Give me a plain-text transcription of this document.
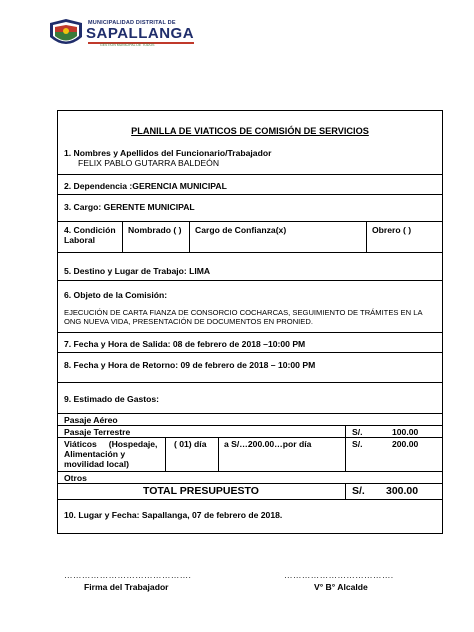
MUNICIPALIDAD DISTRITAL DE
SAPALLANGA
GESTIÓN MUNICIPAL DE TODOS
PLANILLA DE VIATICOS DE COMISIÓN DE SERVICIOS
1. Nombres y Apellidos del Funcionario/Trabajador
FELIX PABLO GUTARRA BALDEÓN
2. Dependencia :GERENCIA MUNICIPAL
3. Cargo: GERENTE MUNICIPAL
4. Condición
Laboral
Nombrado ( ) Cargo de Confianza(x)	Obrero ( )
5. Destino y Lugar de Trabajo: LIMA
6. Objeto de la Comisión:
EJECUCIÓN DE CARTA FIANZA DE CONSORCIO COCHARCAS, SEGUIMIENTO DE TRÁMITES EN LA
ONG NUEVA VIDA, PRESENTACIÓN DE DOCUMENTOS EN PRONIED.
7. Fecha y Hora de Salida: 08 de febrero de 2018 –10:00 PM
8. Fecha y Hora de Retorno: 09 de febrero de 2018 – 10:00 PM
9. Estimado de Gastos:
Pasaje Aéreo
Pasaje Terrestre	S/.	100.00
Viáticos     (Hospedaje,
Alimentación y
movilidad local)
( 01) día a S/…200.00…por día	S/.	200.00
Otros
TOTAL PRESUPUESTO	S/. 300.00
10. Lugar y Fecha: Sapallanga, 07 de febrero de 2018.
…………………………………….	……………………………….
Firma del Trabajador	V° B° Alcalde
